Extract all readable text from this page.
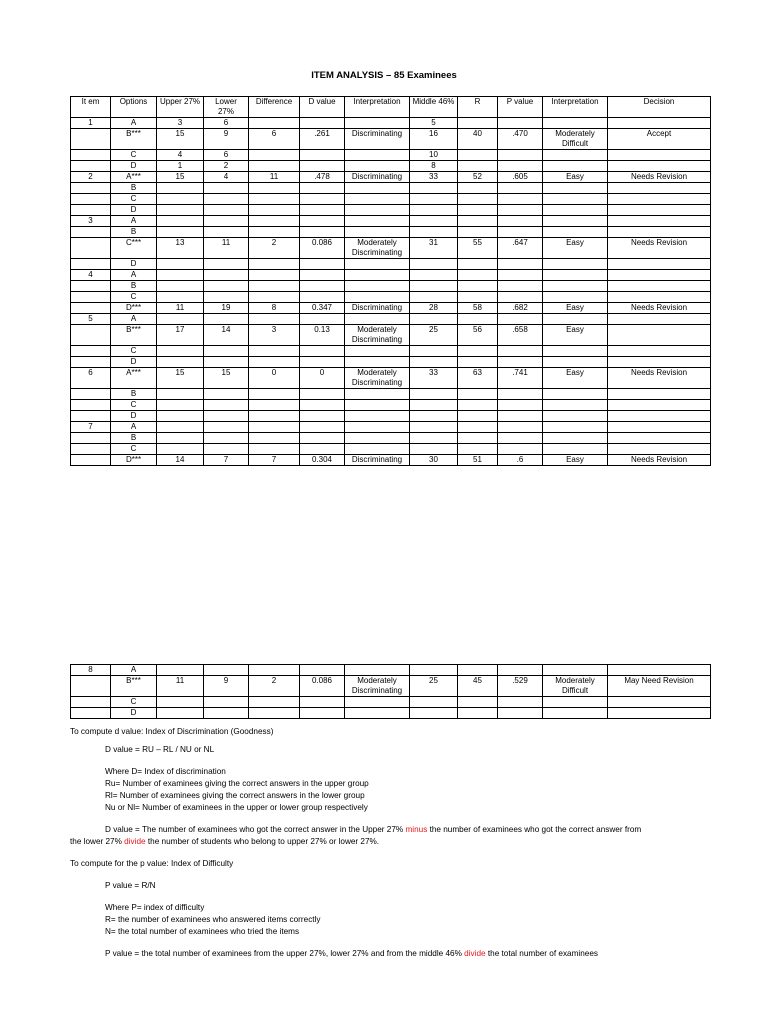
ITEM ANALYSIS – 85 Examinees
It em	Options	Upper 27%	Lower 27%	Difference	D value	Interpretation	Middle 46%	R	P value	Interpretation	Decision
1	A	3	6				5				
	B***	15	9	6	.261	Discriminating	16	40	.470	Moderately Difficult	Accept
	C	4	6				10				
	D	1	2				8				
2	A***	15	4	11	.478	Discriminating	33	52	.605	Easy	Needs Revision
	B										
	C										
	D										
3	A										
	B										
	C***	13	11	2	0.086	Moderately Discriminating	31	55	.647	Easy	Needs Revision
	D										
4	A										
	B										
	C										
	D***	11	19	8	0.347	Discriminating	28	58	.682	Easy	Needs Revision
5	A										
	B***	17	14	3	0.13	Moderately Discriminating	25	56	.658	Easy	
	C										
	D										
6	A***	15	15	0	0	Moderately Discriminating	33	63	.741	Easy	Needs Revision
	B										
	C										
	D										
7	A										
	B										
	C										
	D***	14	7	7	0.304	Discriminating	30	51	.6	Easy	Needs Revision
8	A										
	B***	11	9	2	0.086	Moderately Discriminating	25	45	.529	Moderately Difficult	May Need Revision
	C										
	D										

To compute d value: Index of Discrimination (Goodness)

D value = RU – RL / NU or NL

Where D= Index of discrimination

Ru= Number of examinees giving the correct answers in the upper group

Rl= Number of examinees giving the correct answers in the lower group

Nu or Nl= Number of examinees in the upper or lower group respectively

D value = The number of examinees who got the correct answer in the Upper 27% minus the number of examinees who got the correct answer from

the lower 27% divide the number of students who belong to upper 27% or lower 27%.

To compute for the p value: Index of Difficulty

P value = R/N

Where P= index of difficulty

R= the number of examinees who answered items correctly

N= the total number of examinees who tried the items

P value = the total number of examinees from the upper 27%, lower 27% and from the middle 46% divide the total number of examinees
